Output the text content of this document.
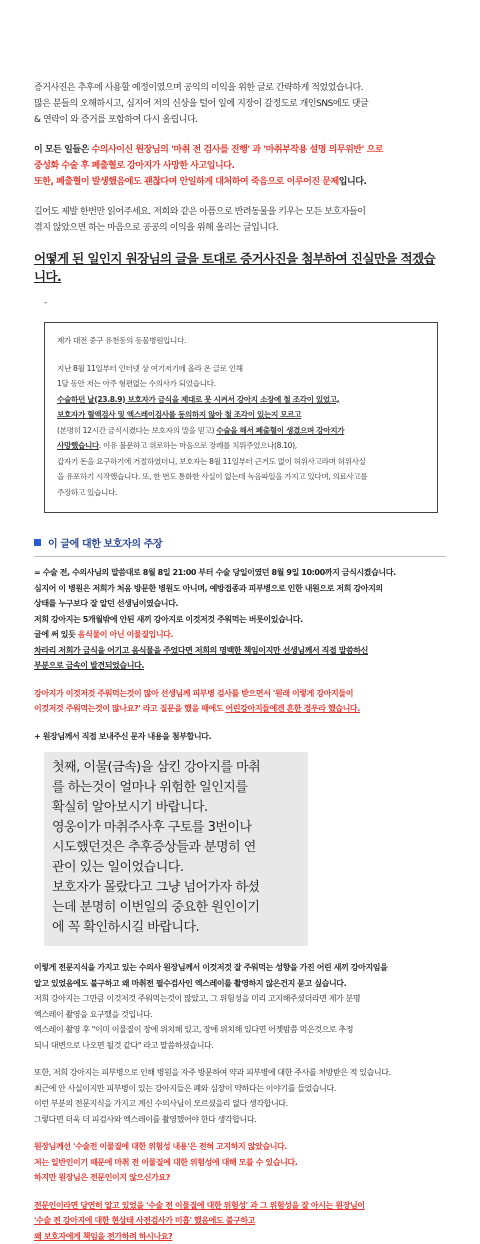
증거사진은 추후에 사용할 예정이였으며 공익의 이익을 위한 글로 간략하게 적었었습니다.

많은 분들의 오해하시고, 심지어 저의 신상을 털어 일에 지장이 갈정도로 개인SNS에도 댓글

& 연락이 와 증거를 포함하여 다시 올립니다.

이 모든 일들은 수의사이신 원장님의 '마취 전 검사를 진행' 과 '마취부작용 설명 의무위반' 으로

중성화 수술 후 폐출혈로 강아지가 사망한 사고입니다.

또한, 폐출혈이 발생했음에도 괜찮다며 안일하게 대처하여 죽음으로 이루어진 문제입니다.

길어도 제발 한번만 읽어주세요. 저희와 같은 아픔으로 반려동물을 키우는 모든 보호자들이

겪지 않았으면 하는 마음으로 공공의 이익을 위해 올리는 글입니다.

어떻게 된 일인지 원장님의 글을 토대로 증거사진을 첨부하여 진실만을 적겠습니다.

-

제가 대전 중구 유천동의 동물병원입니다.

지난 8월 11일부터 인터넷 상 여기저기에 올라 온 글로 인해

1달 동안 저는 아주 형편없는 수의사가 되었습니다.

수술하던 날(23.8.9) 보호자가 금식을 제대로 못 시켜서 강아지 소장에 철 조각이 있었고,

보호자가 혈액검사 및 엑스레이검사를 동의하지 않아 철 조각이 있는지 모르고

(본명히 12시간 금식시켰다는 보호자의 말을 믿고) 수술을 해서 폐출혈이 생겼으며 강아지가

사망했습니다. 이유 불문하고 위로하는 마음으로 장례를 치뤄주었으나(8.10),

갑자기 돈을 요구하기에 거절하였더니, 보호자는 8월 11일부터 근거도 없이 허위사고라며 허위사실

을 유포하기 시작했습니다. 또, 한 번도 통화한 사실이 없는데 녹음파일을 가지고 있다며, 의료사고를

주장하고 있습니다.

이 글에 대한 보호자의 주장

= 수술 전, 수의사님의 말씀대로 8월 8일 21:00 부터 수술 당일이였던 8월 9일 10:00까지 금식시켰습니다.

심지어 이 병원은 저희가 처음 방문한 병원도 아니며, 예방접종과 피부병으로 인한 내원으로 저희 강아지의

상태를 누구보다 잘 알던 선생님이였습니다.

저희 강아지는 5개월밖에 안된 새끼 강아지로 이것저것 주워먹는 버릇이있습니다.

글에 써 있듯 음식물이 아닌 이물질입니다.

차라리 저희가 금식을 어기고 음식물을 주었다면 저희의 명백한 책임이지만 선생님께서 직접 말씀하신

부분으로 금속이 발견되었습니다.

강아지가 이것저것 주워먹는것이 많아 선생님께 피부병 검사를 받으면서 '원래 이렇게 강아지들이

이것저것 주워먹는것이 많나요?' 라고 질문을 했을 때에도 어린강아지들에겐 흔한 경우라 했습니다.

+ 원장님께서 직접 보내주신 문자 내용을 첨부합니다.

첫째, 이물(금속)을 삼킨 강아지를 마취

를 하는것이 얼마나 위험한 일인지를

확실히 알아보시기 바랍니다.

영웅이가 마취주사후 구토를 3번이나

시도했던것은 추후증상들과 분명히 연

관이 있는 일이었습니다.

보호자가 몰랐다고 그냥 넘어가자 하셨

는데 분명히 이번일의 중요한 원인이기

에 꼭 확인하시길 바랍니다.

이렇게 전문지식을 가지고 있는 수의사 원장님께서 이것저것 잘 주워먹는 성향을 가진 어린 새끼 강아지임을

알고 있었음에도 불구하고 왜 마취전 필수검사인 엑스레이를 촬영하지 않은건지 묻고 싶습니다.

저희 강아지는 그만큼 이것저것 주워먹는것이 많았고, 그 위험성을 미리 고지해주셨더라면 제가 분명

엑스레이 촬영을 요구했을 것입니다.

엑스레이 촬영 후 "이미 이물질이 장에 위치해 있고, 장에 위치해 있다면 어젯밤쯤 먹은것으로 추정

되니 대변으로 나오면 될것 같다" 라고 말씀하셨습니다.

또한, 저희 강아지는 피부병으로 인해 병원을 자주 방문하여 약과 피부병에 대한 주사를 처방받은 적 있습니다.

최근에 안 사실이지만 피부병이 있는 강아지들은 폐와 심장이 약하다는 이야기를 들었습니다.

이런 부분의 전문지식을 가지고 계신 수의사님이 모르셨을리 없다 생각합니다.

그렇다면 더욱 더 피검사와 엑스레이를 촬영했어야 한다 생각합니다.

원장님께선 '수술전 이물질에 대한 위험성 내용'은 전혀 고지하지 않았습니다.

저는 일반인이기 때문에 마취 전 이물질에 대한 위험성에 대해 모를 수 있습니다.

하지만 원장님은 전문인이지 않으신가요?

전문인이라면 당연히 알고 있었을 '수술 전 이물질에 대한 위험성' 과 그 위험성을 잘 아시는 원장님이

'수술 전 강아지에 대한 현상태 사전검사가 미흡' 했음에도 불구하고

왜 보호자에게 책임을 전가하려 하시나요?
